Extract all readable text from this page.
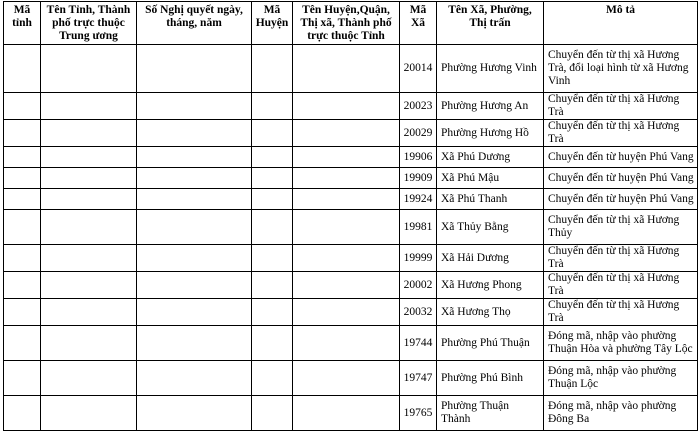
Mã tỉnh	Tên Tỉnh, Thành phố trực thuộc Trung ương	Số Nghị quyết ngày, tháng, năm	Mã Huyện	Tên Huyện,Quận, Thị xã, Thành phố trực thuộc Tỉnh	Mã Xã	Tên Xã, Phường, Thị trấn	Mô tả
					20014	Phường Hương Vinh	Chuyển đến từ thị xã Hương Trà, đổi loại hình từ xã Hương Vinh
					20023	Phường Hương An	Chuyển đến từ thị xã Hương Trà
					20029	Phường Hương Hồ	Chuyển đến từ thị xã Hương Trà
					19906	Xã Phú Dương	Chuyển đến từ huyện Phú Vang
					19909	Xã Phú Mậu	Chuyển đến từ huyện Phú Vang
					19924	Xã Phú Thanh	Chuyển đến từ huyện Phú Vang
					19981	Xã Thủy Bằng	Chuyển đến từ thị xã Hương Thủy
					19999	Xã Hải Dương	Chuyển đến từ thị xã Hương Trà
					20002	Xã Hương Phong	Chuyển đến từ thị xã Hương Trà
					20032	Xã Hương Thọ	Chuyển đến từ thị xã Hương Trà
					19744	Phường Phú Thuận	Đóng mã, nhập vào phường Thuận Hòa và phường Tây Lộc
					19747	Phường Phú Bình	Đóng mã, nhập vào phường Thuận Lộc
					19765	Phường Thuận Thành	Đóng mã, nhập vào phường Đông Ba
